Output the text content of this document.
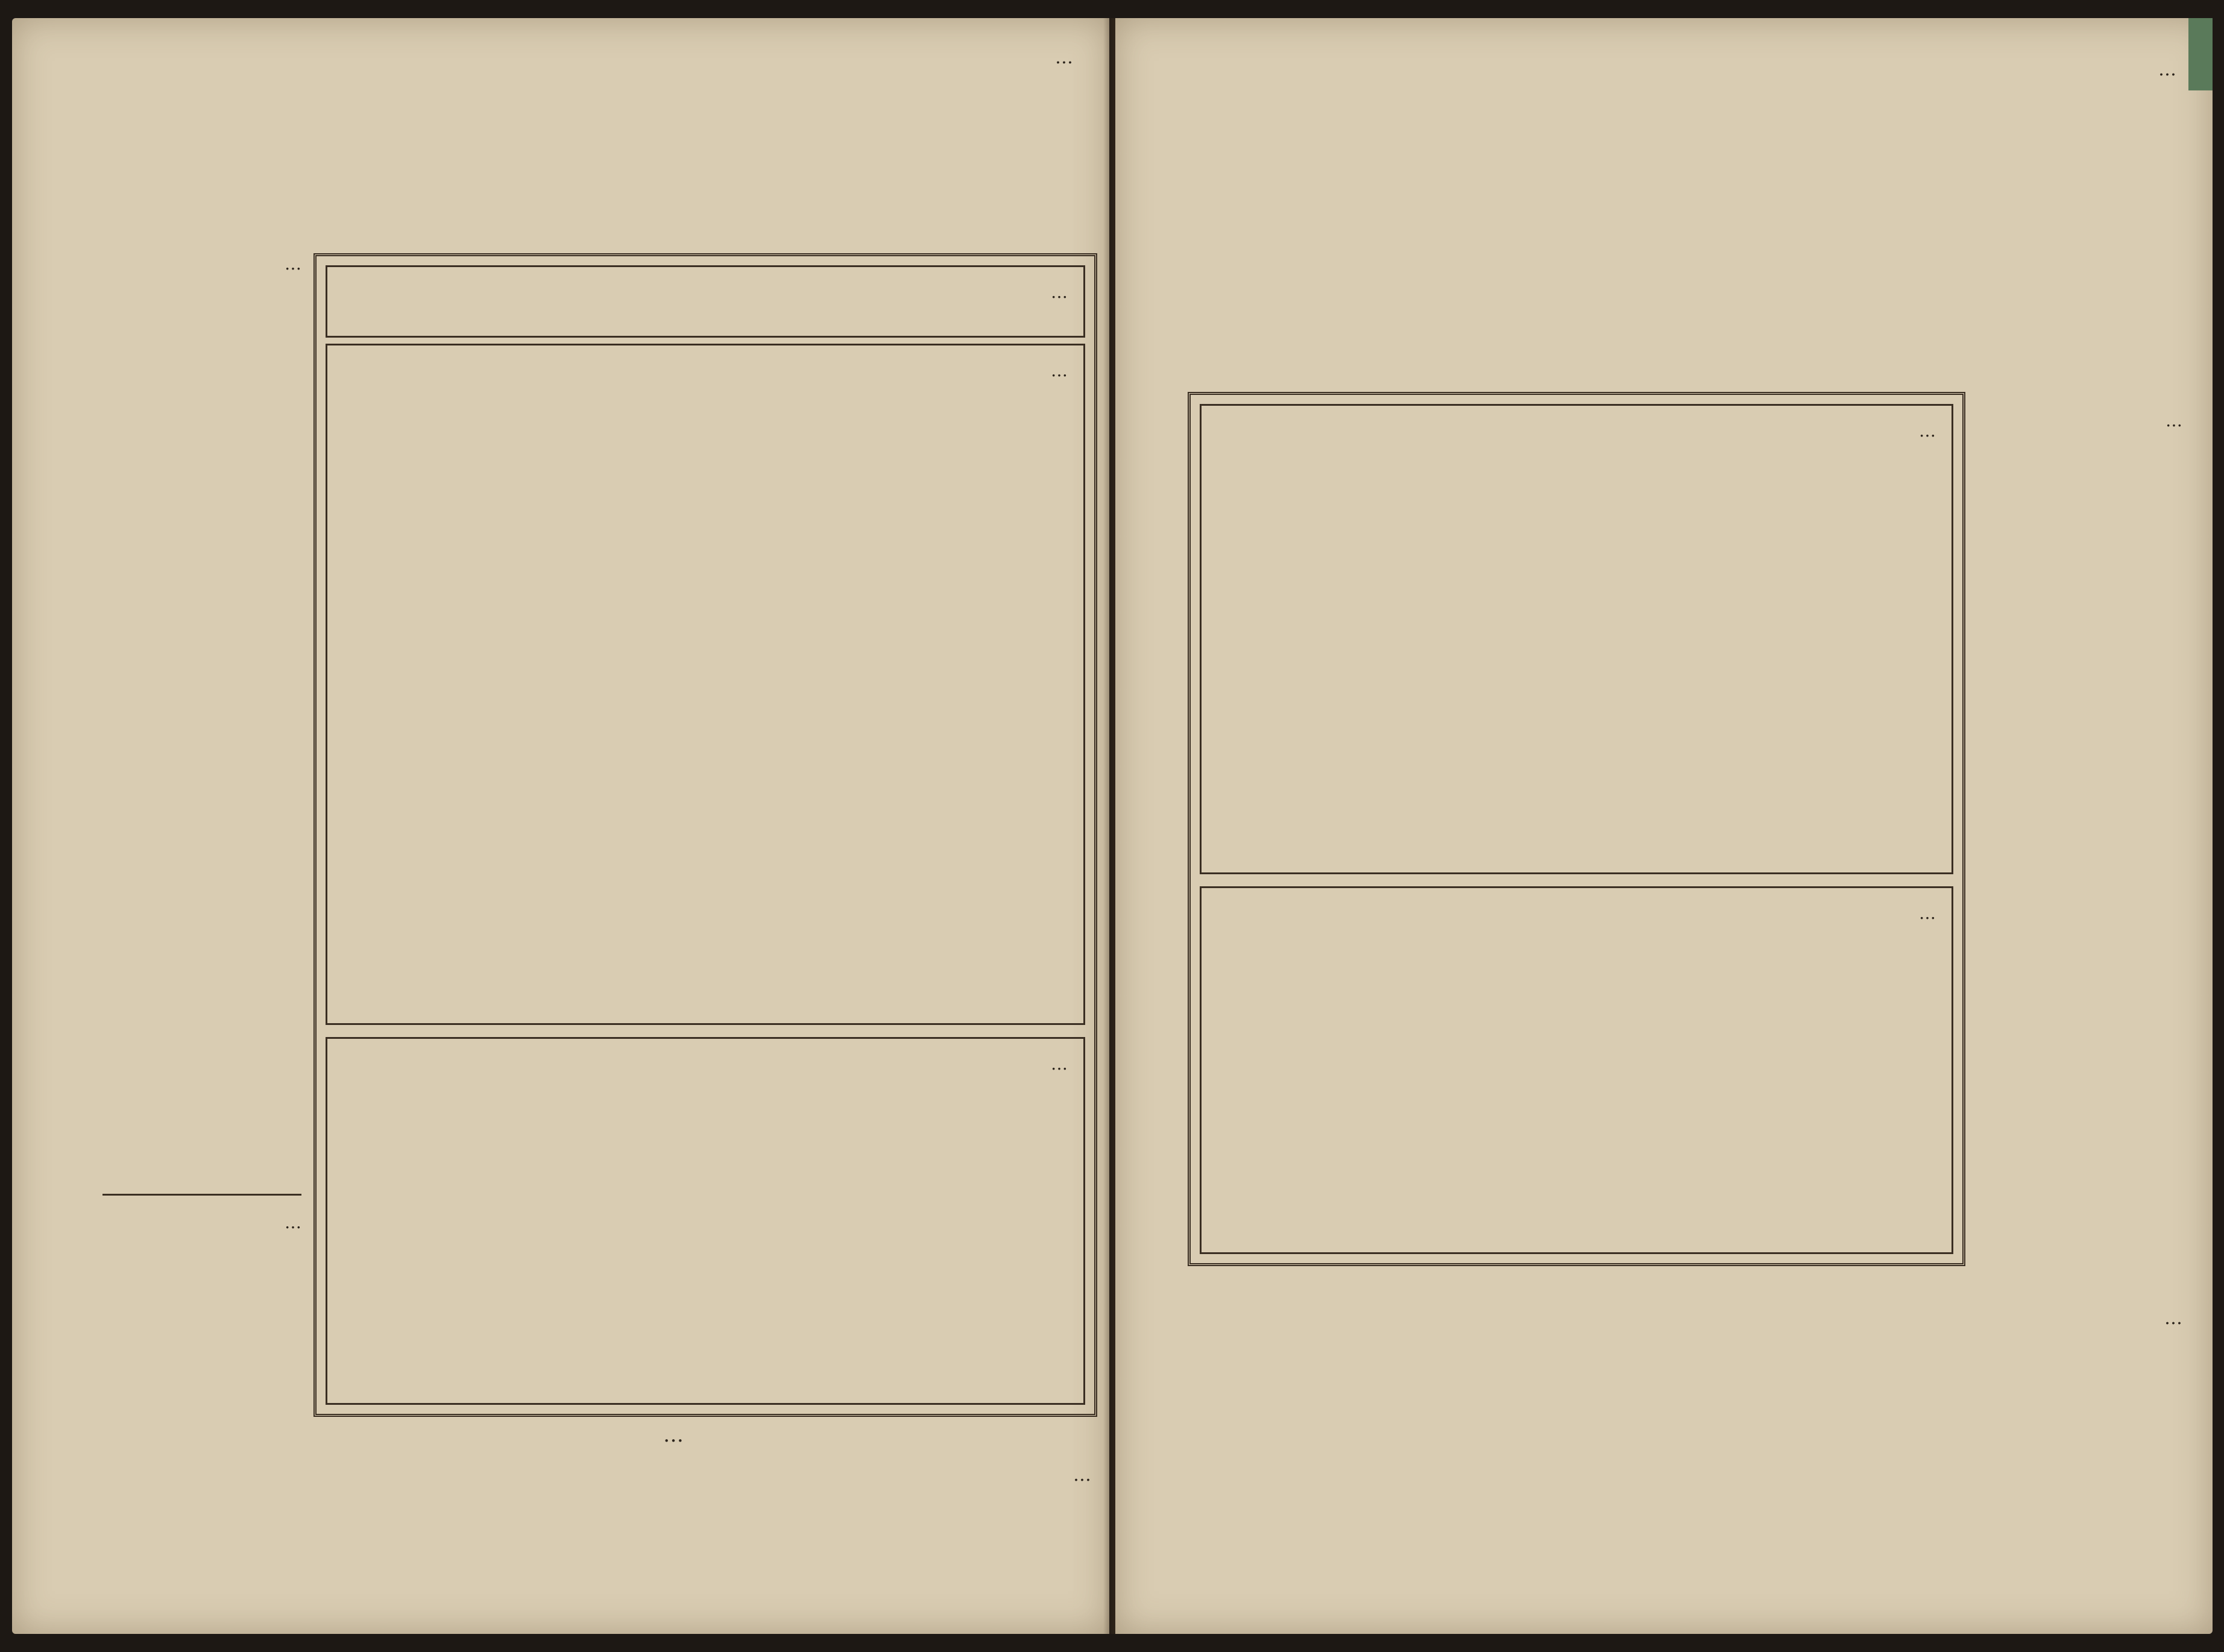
…
…
…
…
…
…
…
…
…
…
…
…
…
